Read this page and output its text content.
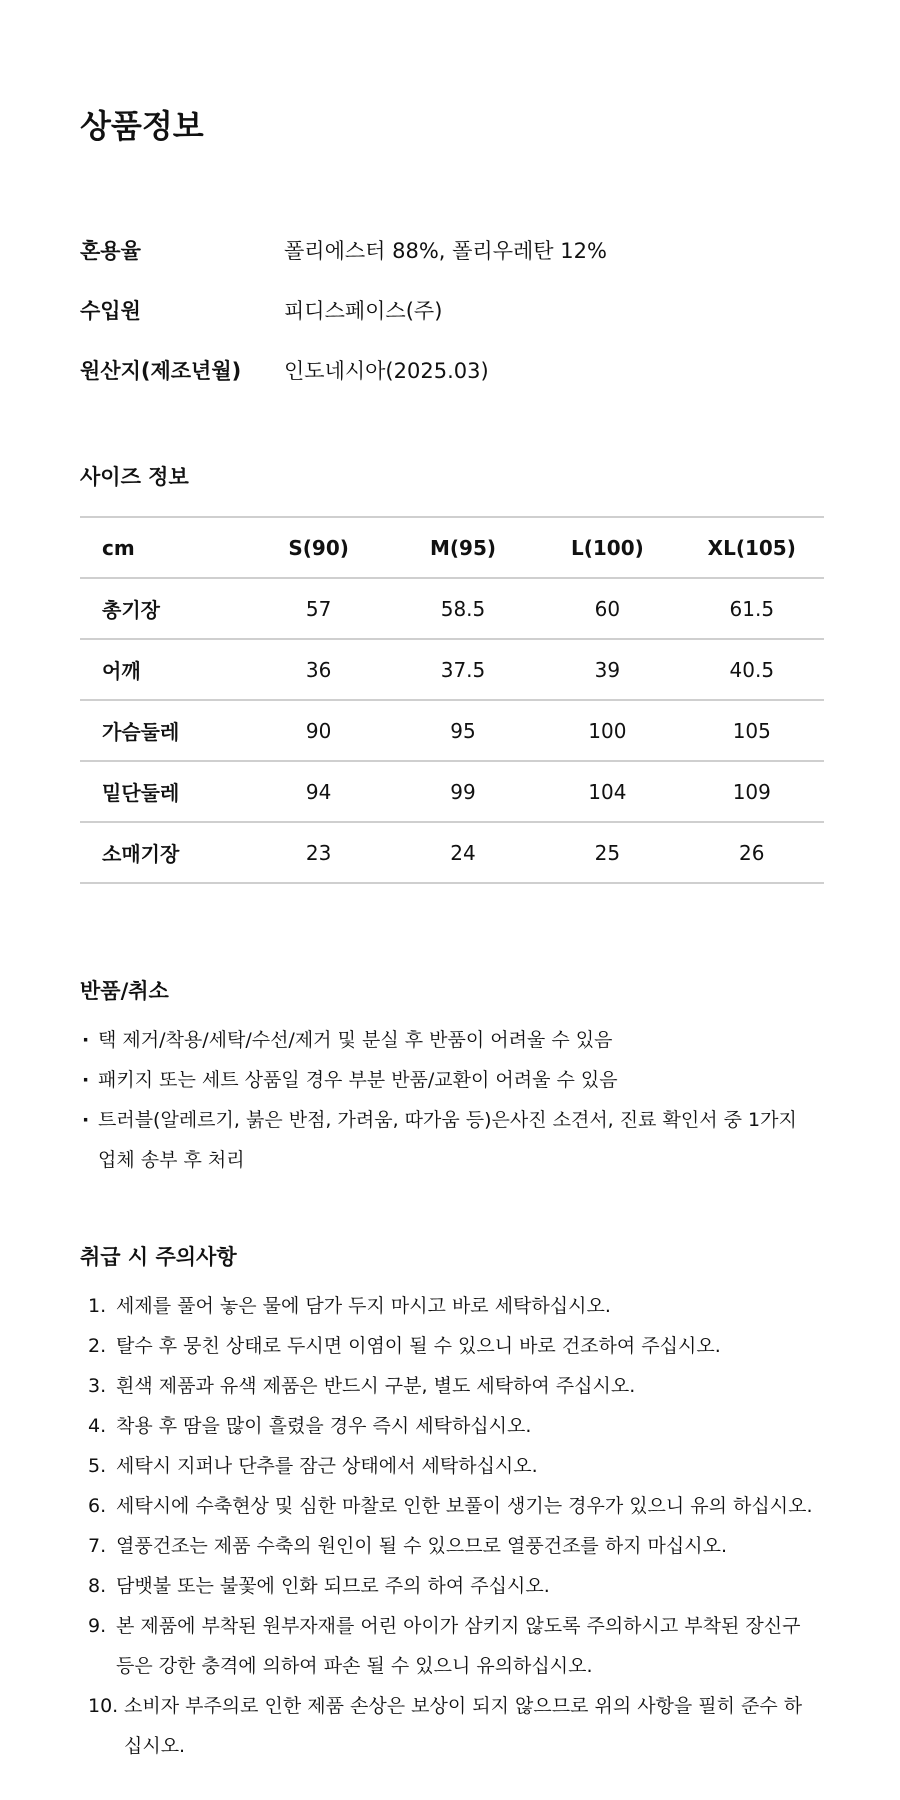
상품정보
혼용율	폴리에스터 88%, 폴리우레탄 12%
수입원	피디스페이스(주)
원산지(제조년월)	인도네시아(2025.03)
사이즈 정보
cm	S(90)	M(95)	L(100)	XL(105)
총기장	57	58.5	60	61.5
어깨	36	37.5	39	40.5
가슴둘레	90	95	100	105
밑단둘레	94	99	104	109
소매기장	23	24	25	26
반품/취소
· 택 제거/착용/세탁/수선/제거 및 분실 후 반품이 어려울 수 있음
· 패키지 또는 세트 상품일 경우 부분 반품/교환이 어려울 수 있음
· 트러블(알레르기, 붉은 반점, 가려움, 따가움 등)은사진 소견서, 진료 확인서 중 1가지
업체 송부 후 처리
취급 시 주의사항
1. 세제를 풀어 놓은 물에 담가 두지 마시고 바로 세탁하십시오.
2. 탈수 후 뭉친 상태로 두시면 이염이 될 수 있으니 바로 건조하여 주십시오.
3. 흰색 제품과 유색 제품은 반드시 구분, 별도 세탁하여 주십시오.
4. 착용 후 땀을 많이 흘렸을 경우 즉시 세탁하십시오.
5. 세탁시 지퍼나 단추를 잠근 상태에서 세탁하십시오.
6. 세탁시에 수축현상 및 심한 마찰로 인한 보풀이 생기는 경우가 있으니 유의 하십시오.
7. 열풍건조는 제품 수축의 원인이 될 수 있으므로 열풍건조를 하지 마십시오.
8. 담뱃불 또는 불꽃에 인화 되므로 주의 하여 주십시오.
9. 본 제품에 부착된 원부자재를 어린 아이가 삼키지 않도록 주의하시고 부착된 장신구
등은 강한 충격에 의하여 파손 될 수 있으니 유의하십시오.
10. 소비자 부주의로 인한 제품 손상은 보상이 되지 않으므로 위의 사항을 필히 준수 하십시오.
